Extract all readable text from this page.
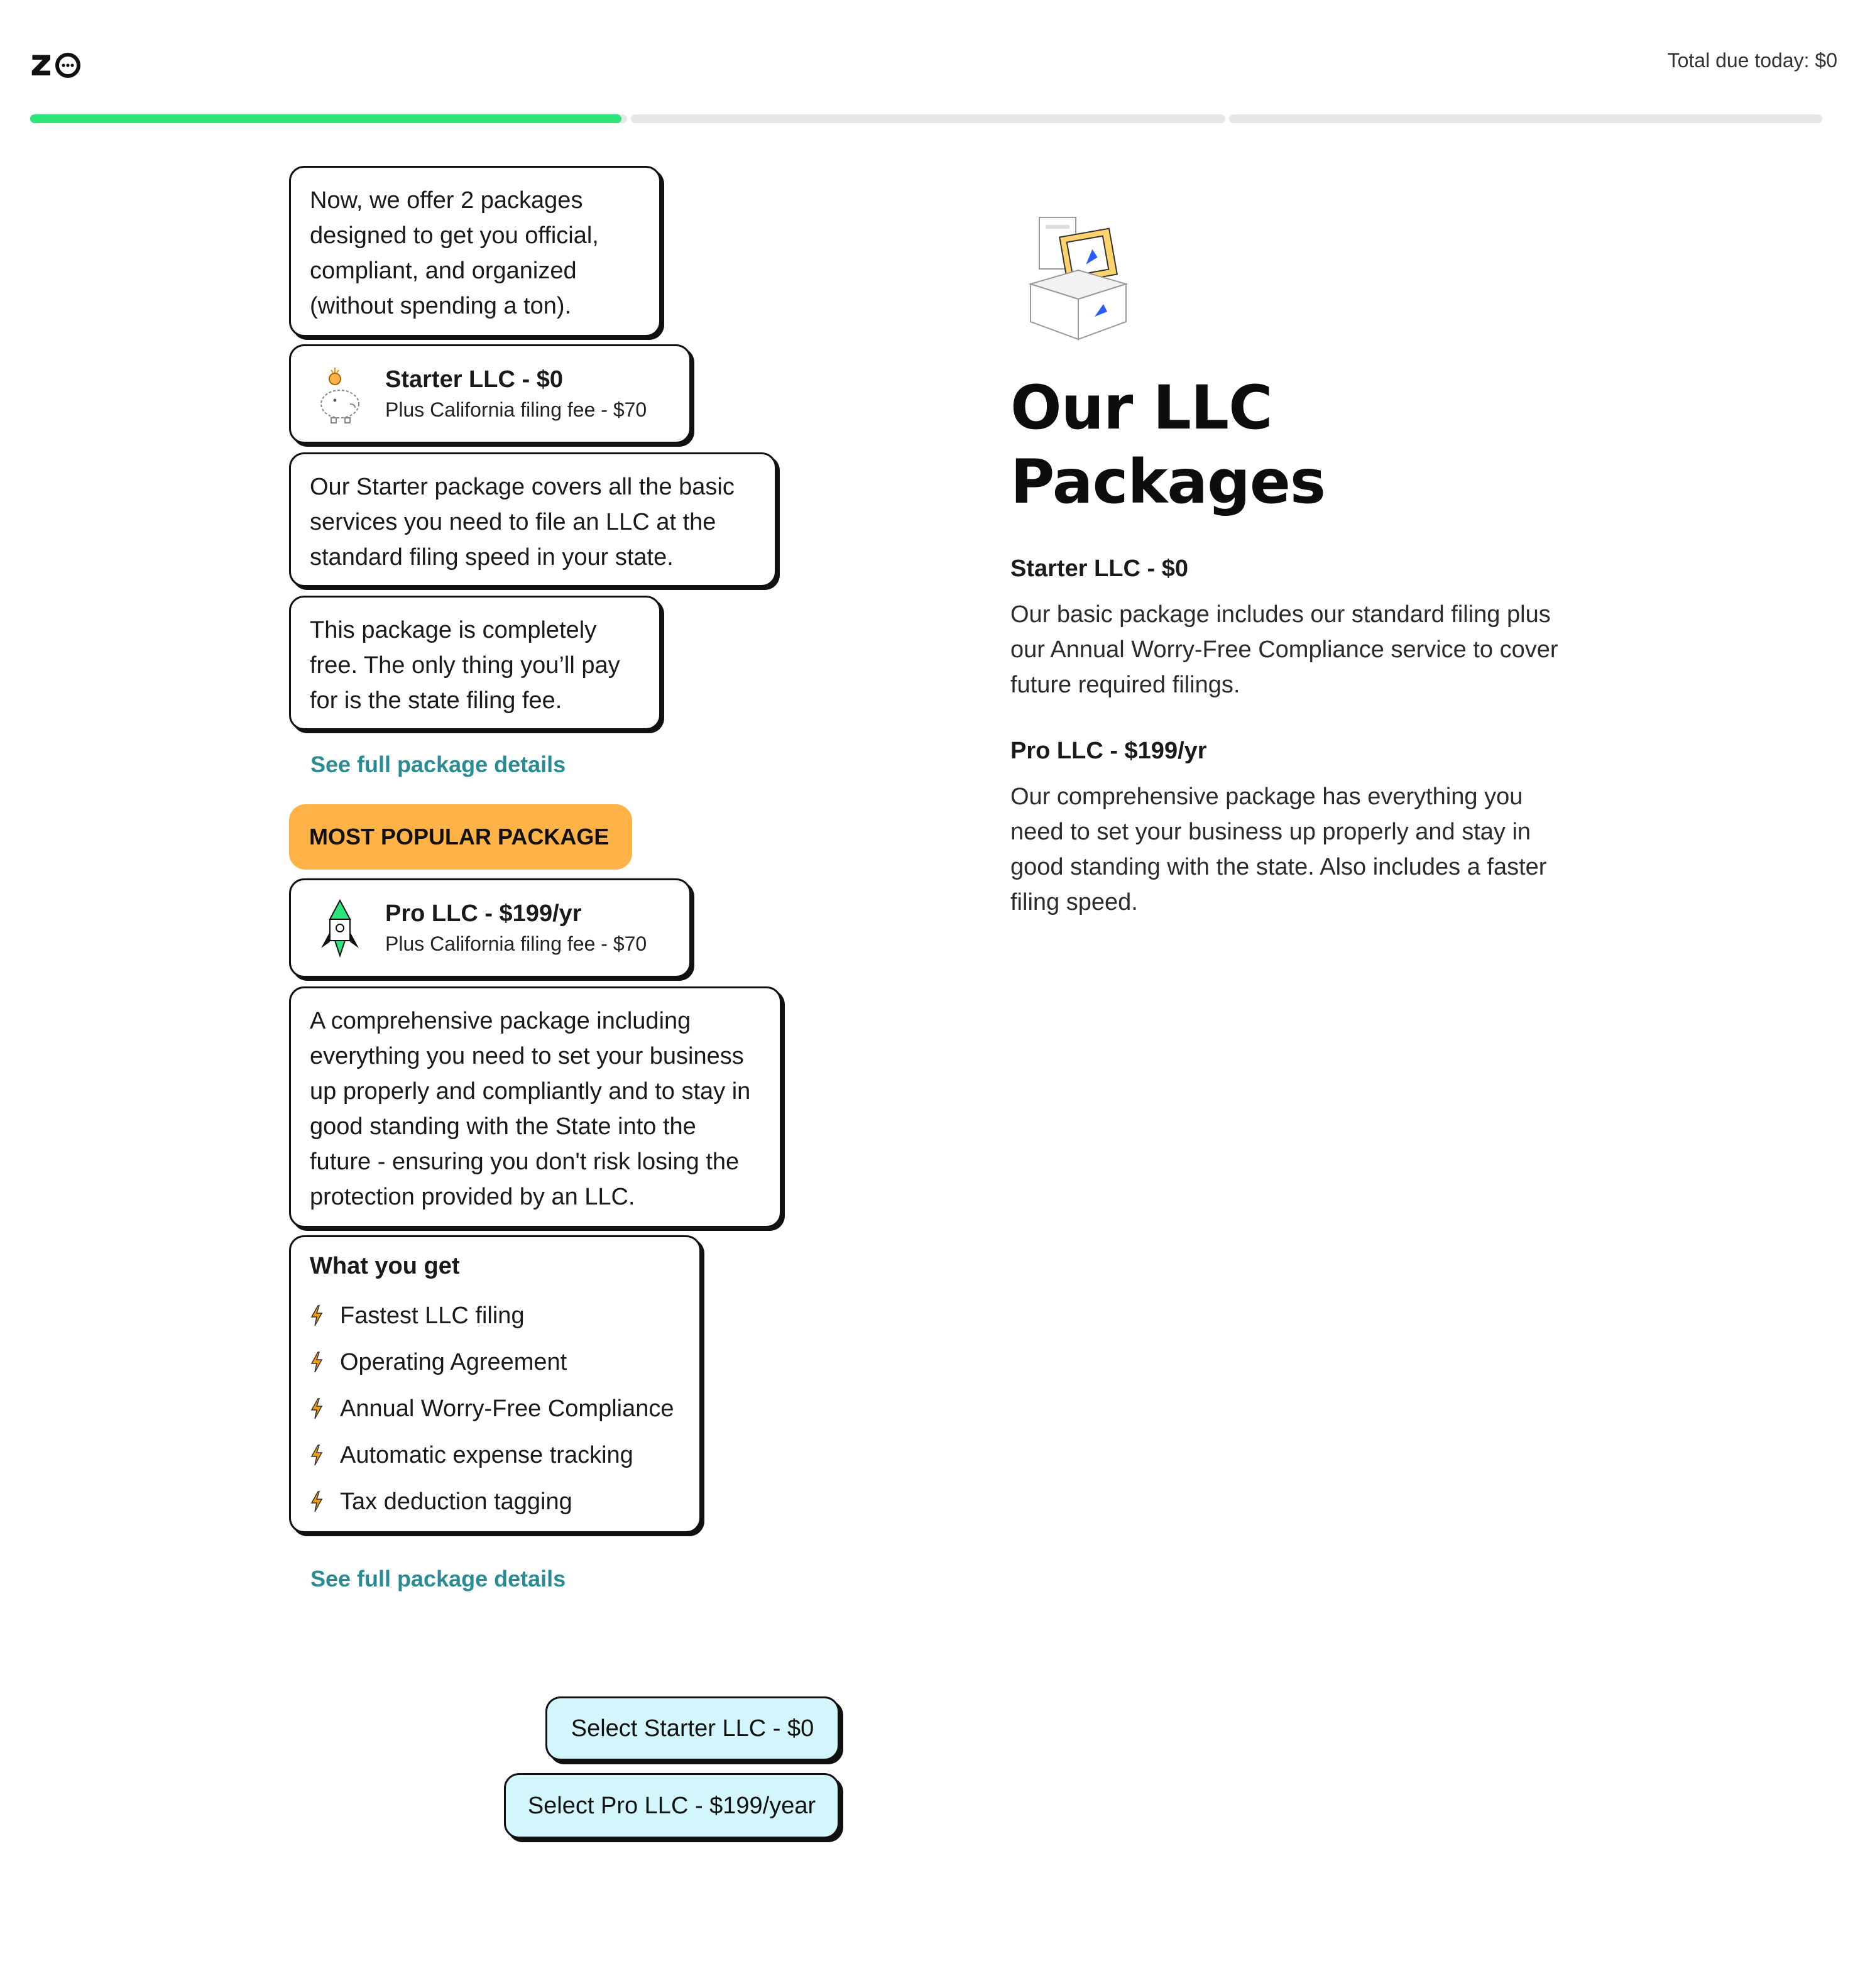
z	Total due today: $0
Now, we offer 2 packages designed to get you official, compliant, and organized (without spending a ton).
Starter LLC - $0
Plus California filing fee - $70
Our Starter package covers all the basic services you need to file an LLC at the standard filing speed in your state.
This package is completely free. The only thing you’ll pay for is the state filing fee.
See full package details
MOST POPULAR PACKAGE
Pro LLC - $199/yr
Plus California filing fee - $70
A comprehensive package including everything you need to set your business up properly and compliantly and to stay in good standing with the State into the future - ensuring you don't risk losing the protection provided by an LLC.
What you get
Fastest LLC filing
Operating Agreement
Annual Worry-Free Compliance
Automatic expense tracking
Tax deduction tagging
See full package details
Select Starter LLC - $0
Select Pro LLC - $199/year
Our LLC
Packages
Starter LLC - $0
Our basic package includes our standard filing plus our Annual Worry-Free Compliance service to cover future required filings.
Pro LLC - $199/yr
Our comprehensive package has everything you need to set your business up properly and stay in good standing with the state. Also includes a faster filing speed.
